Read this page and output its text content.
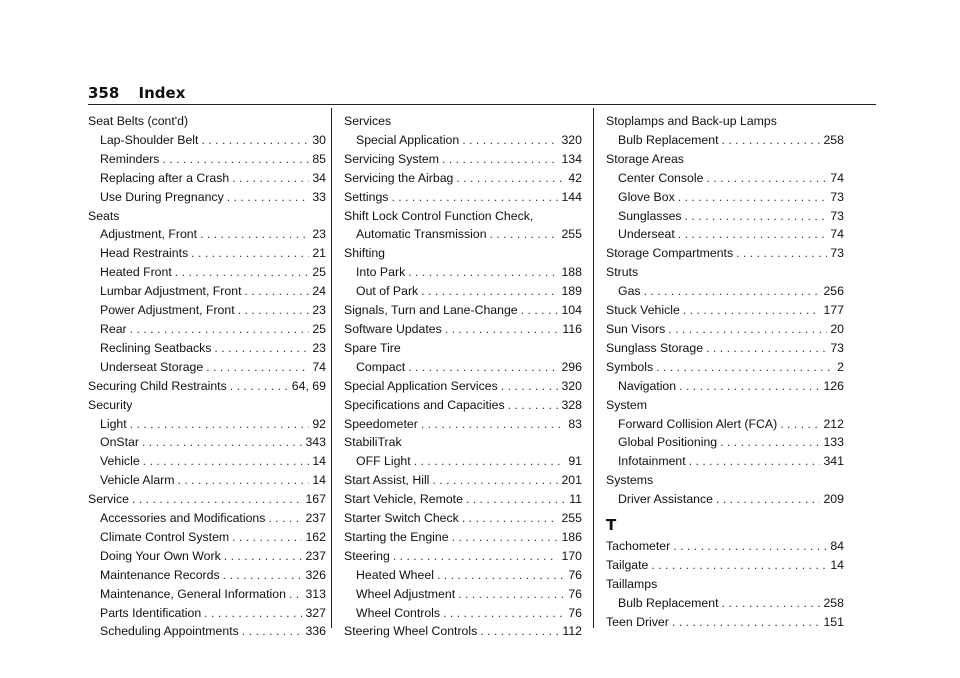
358 Index
Seat Belts (cont'd)
Lap-Shoulder Belt . . .	30
Reminders . . .	85
Replacing after a Crash . . .	34
Use During Pregnancy . . .	33
Seats
Adjustment, Front . . .	23
Head Restraints . . .	21
Heated Front . . .	25
Lumbar Adjustment, Front . . .	24
Power Adjustment, Front . . .	23
Rear . . .	25
Reclining Seatbacks . . .	23
Underseat Storage . . .	74
Securing Child Restraints . . .	64, 69
Security
Light . . .	92
OnStar . . .	343
Vehicle . . .	14
Vehicle Alarm . . .	14
Service . . .	167
Accessories and Modifications . . .	237
Climate Control System . . .	162
Doing Your Own Work . . .	237
Maintenance Records . . .	326
Maintenance, General Information . . . 313
Parts Identification . . .	327
Scheduling Appointments . . .	336
Services
Special Application . . .	320
Servicing System . . .	134
Servicing the Airbag . . .	42
Settings . . .	144
Shift Lock Control Function Check,
Automatic Transmission . . .	255
Shifting
Into Park . . .	188
Out of Park . . .	189
Signals, Turn and Lane-Change . . .	104
Software Updates . . .	116
Spare Tire
Compact . . .	296
Special Application Services . . .	320
Specifications and Capacities . . .	328
Speedometer . . .	83
StabiliTrak
OFF Light . . .	91
Start Assist, Hill . . .	201
Start Vehicle, Remote . . .	11
Starter Switch Check . . .	255
Starting the Engine . . .	186
Steering . . .	170
Heated Wheel . . .	76
Wheel Adjustment . . .	76
Wheel Controls . . .	76
Steering Wheel Controls . . .	112
Stoplamps and Back-up Lamps
Bulb Replacement . . .	258
Storage Areas
Center Console . . .	74
Glove Box . . .	73
Sunglasses . . .	73
Underseat . . .	74
Storage Compartments . . .	73
Struts
Gas . . .	256
Stuck Vehicle . . .	177
Sun Visors . . .	20
Sunglass Storage . . .	73
Symbols . . .	2
Navigation . . .	126
System
Forward Collision Alert (FCA) . . .	212
Global Positioning . . .	133
Infotainment . . .	341
Systems
Driver Assistance . . .	209
T
Tachometer . . .	84
Tailgate . . .	14
Taillamps
Bulb Replacement . . .	258
Teen Driver . . .	151
